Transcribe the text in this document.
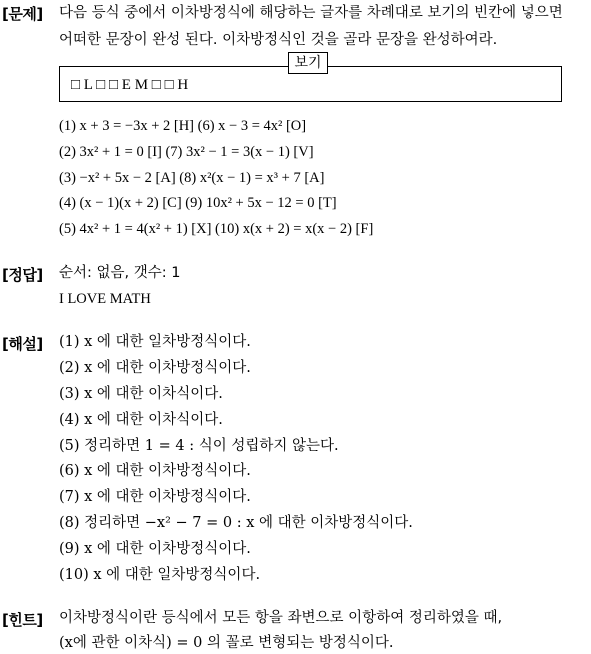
[문제] 다음 등식 중에서 이차방정식에 해당하는 글자를 차례대로 보기의 빈칸에 넣으면
어떠한 문장이 완성 된다. 이차방정식인 것을 골라 문장을 완성하여라.
보기
□ L □ □ E M □ □ H
(1) x + 3 = −3x + 2 [H] (6) x − 3 = 4x² [O]
(2) 3x² + 1 = 0 [I] (7) 3x² − 1 = 3(x − 1) [V]
(3) −x² + 5x − 2 [A] (8) x²(x − 1) = x³ + 7 [A]
(4) (x − 1)(x + 2) [C] (9) 10x² + 5x − 12 = 0 [T]
(5) 4x² + 1 = 4(x² + 1) [X] (10) x(x + 2) = x(x − 2) [F]
[정답] 순서: 없음, 갯수: 1
I LOVE MATH
[해설] (1) x 에 대한 일차방정식이다.
(2) x 에 대한 이차방정식이다.
(3) x 에 대한 이차식이다.
(4) x 에 대한 이차식이다.
(5) 정리하면 1 = 4 : 식이 성립하지 않는다.
(6) x 에 대한 이차방정식이다.
(7) x 에 대한 이차방정식이다.
(8) 정리하면 −x² − 7 = 0 : x 에 대한 이차방정식이다.
(9) x 에 대한 이차방정식이다.
(10) x 에 대한 일차방정식이다.
[힌트] 이차방정식이란 등식에서 모든 항을 좌변으로 이항하여 정리하였을 때,
(x에 관한 이차식) = 0 의 꼴로 변형되는 방정식이다.
